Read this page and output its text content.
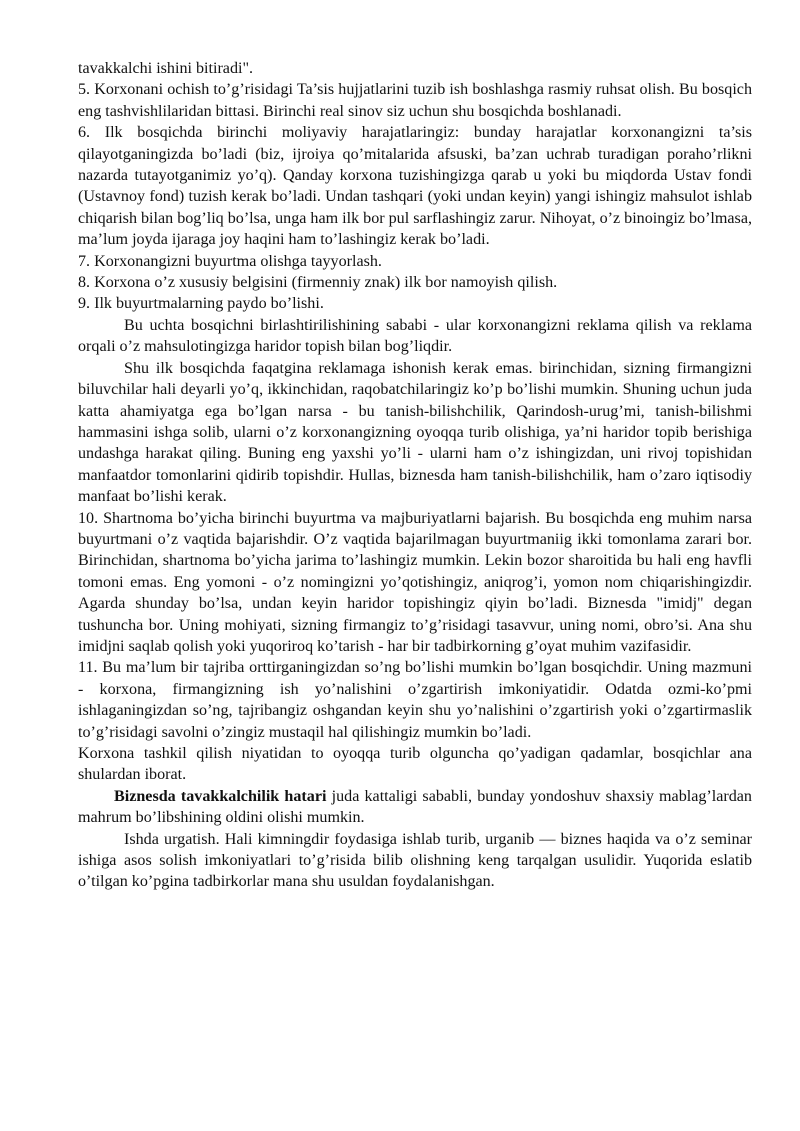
tavakkalchi ishini bitiradi".

5. Korxonani ochish to’g’risidagi Ta’sis hujjatlarini tuzib ish boshlashga rasmiy ruhsat olish. Bu bosqich eng tashvishlilaridan bittasi. Birinchi real sinov siz uchun shu bosqichda boshlanadi.

6. Ilk bosqichda birinchi moliyaviy harajatlaringiz: bunday harajatlar korxonangizni ta’sis qilayotganingizda bo’ladi (biz, ijroiya qo’mitalarida afsuski, ba’zan uchrab turadigan poraho’rlikni nazarda tutayotganimiz yo’q). Qanday korxona tuzishingizga qarab u yoki bu miqdorda Ustav fondi (Ustavnoy fond) tuzish kerak bo’ladi. Undan tashqari (yoki undan keyin) yangi ishingiz mahsulot ishlab chiqarish bilan bog’liq bo’lsa, unga ham ilk bor pul sarflashingiz zarur. Nihoyat, o’z binoingiz bo’lmasa, ma’lum joyda ijaraga joy haqini ham to’lashingiz kerak bo’ladi.

7. Korxonangizni buyurtma olishga tayyorlash.

8. Korxona o’z xususiy belgisini (firmenniy znak) ilk bor namoyish qilish.

9. Ilk buyurtmalarning paydo bo’lishi.

Bu uchta bosqichni birlashtirilishining sababi - ular korxonangizni reklama qilish va reklama orqali o’z mahsulotingizga haridor topish bilan bog’liqdir.

Shu ilk bosqichda faqatgina reklamaga ishonish kerak emas. birinchidan, sizning firmangizni biluvchilar hali deyarli yo’q, ikkinchidan, raqobatchilaringiz ko’p bo’lishi mumkin. Shuning uchun juda katta ahamiyatga ega bo’lgan narsa - bu tanish-bilishchilik, Qarindosh-urug’mi, tanish-bilishmi hammasini ishga solib, ularni o’z korxonangizning oyoqqa turib olishiga, ya’ni haridor topib berishiga undashga harakat qiling. Buning eng yaxshi yo’li - ularni ham o’z ishingizdan, uni rivoj topishidan manfaatdor tomonlarini qidirib topishdir. Hullas, biznesda ham tanish-bilishchilik, ham o’zaro iqtisodiy manfaat bo’lishi kerak.

10. Shartnoma bo’yicha birinchi buyurtma va majburiyatlarni bajarish. Bu bosqichda eng muhim narsa buyurtmani o’z vaqtida bajarishdir. O’z vaqtida bajarilmagan buyurtmaniig ikki tomonlama zarari bor. Birinchidan, shartnoma bo’yicha jarima to’lashingiz mumkin. Lekin bozor sharoitida bu hali eng havfli tomoni emas. Eng yomoni - o’z nomingizni yo’qotishingiz, aniqrog’i, yomon nom chiqarishingizdir. Agarda shunday bo’lsa, undan keyin haridor topishingiz qiyin bo’ladi. Biznesda "imidj" degan tushuncha bor. Uning mohiyati, sizning firmangiz to’g’risidagi tasavvur, uning nomi, obro’si. Ana shu imidjni saqlab qolish yoki yuqoriroq ko’tarish - har bir tadbirkorning g’oyat muhim vazifasidir.

11. Bu ma’lum bir tajriba orttirganingizdan so’ng bo’lishi mumkin bo’lgan bosqichdir. Uning mazmuni - korxona, firmangizning ish yo’nalishini o’zgartirish imkoniyatidir. Odatda ozmi-ko’pmi ishlaganingizdan so’ng, tajribangiz oshgandan keyin shu yo’nalishini o’zgartirish yoki o’zgartirmaslik to’g’risidagi savolni o’zingiz mustaqil hal qilishingiz mumkin bo’ladi.

Korxona tashkil qilish niyatidan to oyoqqa turib olguncha qo’yadigan qadamlar, bosqichlar ana shulardan iborat.

Biznesda tavakkalchilik hatari juda kattaligi sababli, bunday yondoshuv shaxsiy mablag’lardan mahrum bo’libshining oldini olishi mumkin.

Ishda urgatish. Hali kimningdir foydasiga ishlab turib, urganib — biznes haqida va o’z seminar ishiga asos solish imkoniyatlari to’g’risida bilib olishning keng tarqalgan usulidir. Yuqorida eslatib o’tilgan ko’pgina tadbirkorlar mana shu usuldan foydalanishgan.
